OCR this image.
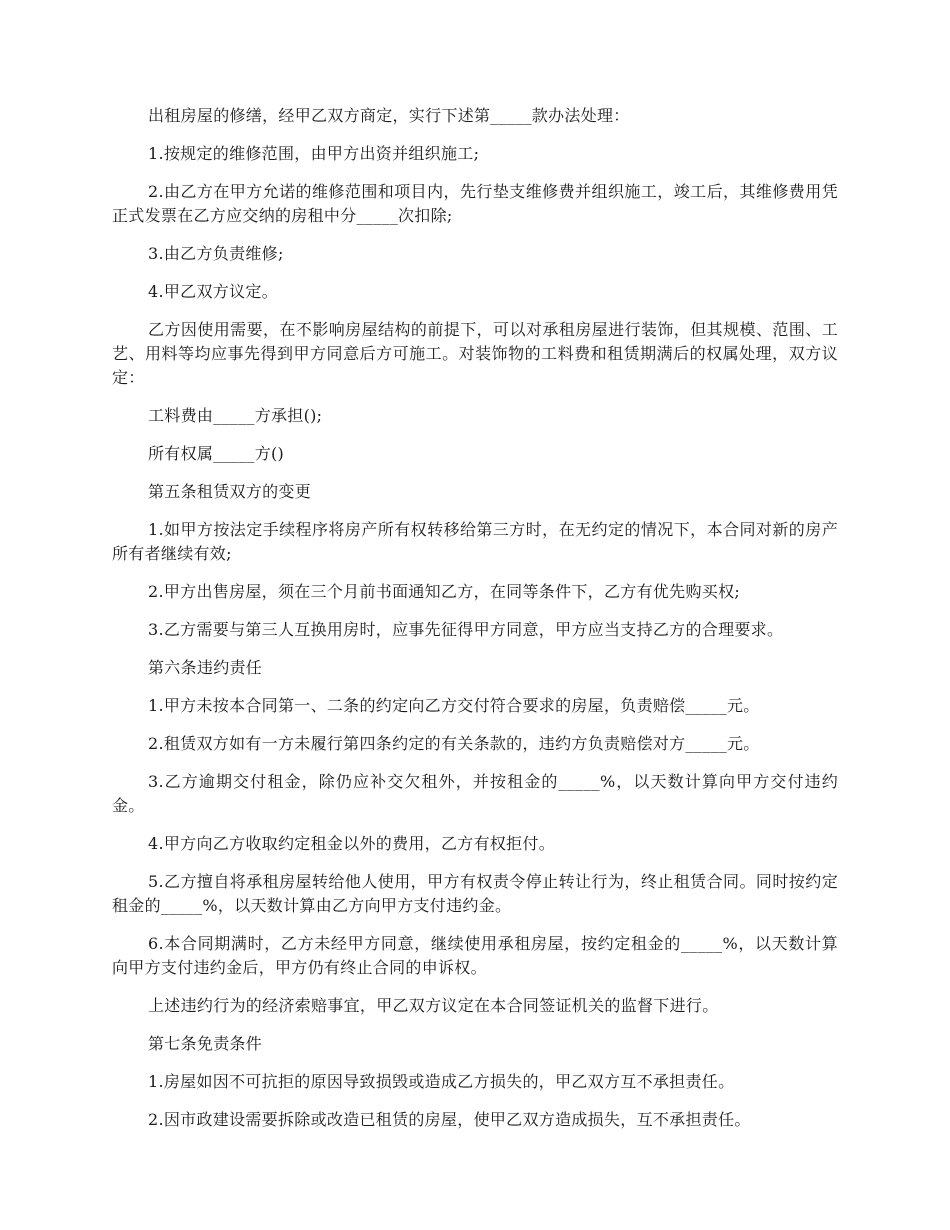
出租房屋的修缮，经甲乙双方商定，实行下述第_____款办法处理：

1.按规定的维修范围，由甲方出资并组织施工;

2.由乙方在甲方允诺的维修范围和项目内，先行垫支维修费并组织施工，竣工后，其维修费用凭正式发票在乙方应交纳的房租中分_____次扣除;

3.由乙方负责维修;

4.甲乙双方议定。

乙方因使用需要，在不影响房屋结构的前提下，可以对承租房屋进行装饰，但其规模、范围、工艺、用料等均应事先得到甲方同意后方可施工。对装饰物的工料费和租赁期满后的权属处理，双方议定：

工料费由_____方承担();

所有权属_____方()

第五条租赁双方的变更

1.如甲方按法定手续程序将房产所有权转移给第三方时，在无约定的情况下，本合同对新的房产所有者继续有效;

2.甲方出售房屋，须在三个月前书面通知乙方，在同等条件下，乙方有优先购买权;

3.乙方需要与第三人互换用房时，应事先征得甲方同意，甲方应当支持乙方的合理要求。

第六条违约责任

1.甲方未按本合同第一、二条的约定向乙方交付符合要求的房屋，负责赔偿_____元。

2.租赁双方如有一方未履行第四条约定的有关条款的，违约方负责赔偿对方_____元。

3.乙方逾期交付租金，除仍应补交欠租外，并按租金的_____%，以天数计算向甲方交付违约金。

4.甲方向乙方收取约定租金以外的费用，乙方有权拒付。

5.乙方擅自将承租房屋转给他人使用，甲方有权责令停止转让行为，终止租赁合同。同时按约定租金的_____%，以天数计算由乙方向甲方支付违约金。

6.本合同期满时，乙方未经甲方同意，继续使用承租房屋，按约定租金的_____%，以天数计算向甲方支付违约金后，甲方仍有终止合同的申诉权。

上述违约行为的经济索赔事宜，甲乙双方议定在本合同签证机关的监督下进行。

第七条免责条件

1.房屋如因不可抗拒的原因导致损毁或造成乙方损失的，甲乙双方互不承担责任。

2.因市政建设需要拆除或改造已租赁的房屋，使甲乙双方造成损失，互不承担责任。
